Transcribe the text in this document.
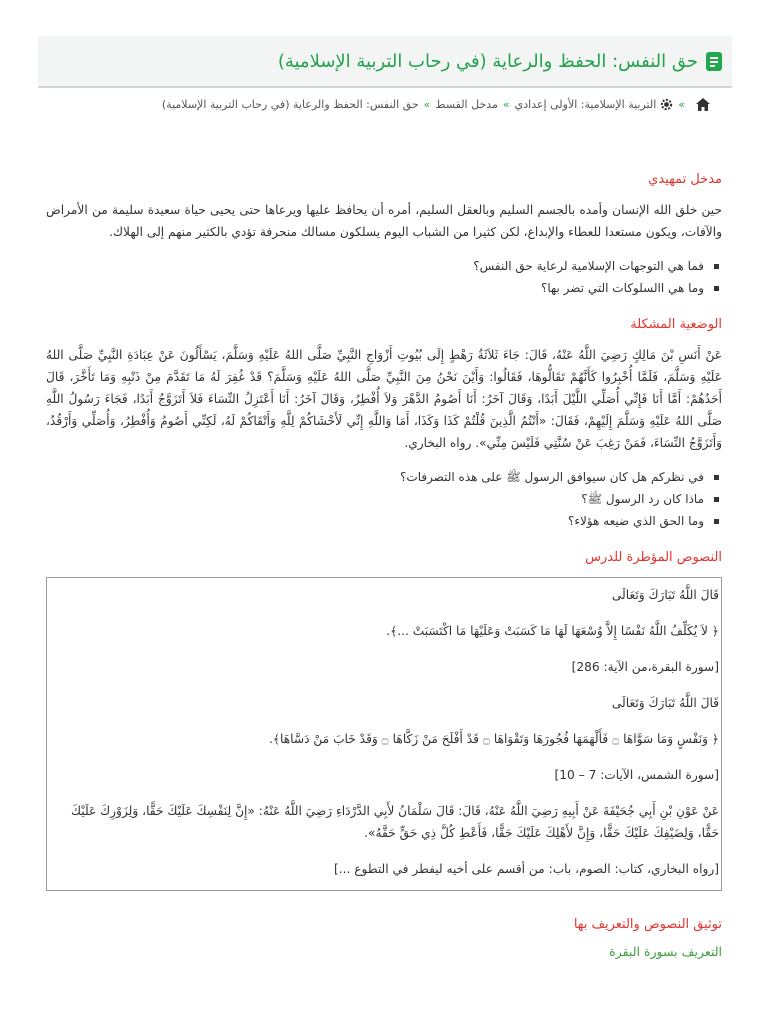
حق النفس: الحفظ والرعاية (في رحاب التربية الإسلامية)
»
التربية الإسلامية: الأولى إعدادي
»
مدخل القسط
»
حق النفس: الحفظ والرعاية (في رحاب التربية الإسلامية)
مدخل تمهيدي

حين خلق الله الإنسان وأمده بالجسم السليم وبالعقل السليم، أمره أن يحافظ عليها ويرعاها حتى يحيى حياة سعيدة سليمة من الأمراض والآفات، ويكون مستعدا للعطاء والإبداع، لكن كثيرا من الشباب اليوم يسلكون مسالك منحرفة تؤدي بالكثير منهم إلى الهلاك.

فما هي التوجهات الإسلامية لرعاية حق النفس؟
وما هي االسلوكات التي تضر بها؟
الوضعية المشكلة

عَنْ أَنَسِ بْنَ مَالِكٍ رَضِيَ اللَّهُ عَنْهُ، قَالَ: جَاءَ ثَلاَثَةُ رَهْطٍ إِلَى بُيُوتِ أَزْوَاجِ النَّبِيِّ صَلَّى اللهُ عَلَيْهِ وَسَلَّمَ، يَسْأَلُونَ عَنْ عِبَادَةِ النَّبِيِّ صَلَّى اللهُ عَلَيْهِ وَسَلَّمَ، فَلَمَّا أُخْبِرُوا كَأَنَّهُمْ تَقَالُّوهَا، فَقَالُوا: وَأَيْنَ نَحْنُ مِنَ النَّبِيِّ صَلَّى اللهُ عَلَيْهِ وَسَلَّمَ؟ قَدْ غُفِرَ لَهُ مَا تَقَدَّمَ مِنْ ذَنْبِهِ وَمَا تَأَخَّرَ، قَالَ أَحَدُهُمْ: أَمَّا أَنَا فَإِنِّي أُصَلِّي اللَّيْلَ أَبَدًا، وَقَالَ آخَرُ: أَنَا أَصُومُ الدَّهْرَ وَلاَ أُفْطِرُ، وَقَالَ آخَرُ: أَنَا أَعْتَزِلُ النِّسَاءَ فَلاَ أَتَزَوَّجُ أَبَدًا، فَجَاءَ رَسُولُ اللَّهِ صَلَّى اللهُ عَلَيْهِ وَسَلَّمَ إِلَيْهِمْ، فَقَالَ: «أَنْتُمُ الَّذِينَ قُلْتُمْ كَذَا وَكَذَا، أَمَا وَاللَّهِ إِنِّي لَأَخْشَاكُمْ لِلَّهِ وَأَتْقَاكُمْ لَهُ، لَكِنِّي أَصُومُ وَأُفْطِرُ، وَأُصَلِّي وَأَرْقُدُ، وَأَتَزَوَّجُ النِّسَاءَ، فَمَنْ رَغِبَ عَنْ سُنَّتِي فَلَيْسَ مِنِّي». رواه البخاري.

في نظركم هل كان سيوافق الرسول ﷺ على هذه التصرفات؟
ماذا كان رد الرسول ﷺ؟
وما الحق الذي ضيعه هؤلاء؟
النصوص المؤطرة للدرس

قَالَ اللَّهُ تَبَارَكَ وَتَعَالَى

﴿ لاَ يُكَلِّفُ اللَّهُ نَفْسًا إِلاَّ وُسْعَهَا لَهَا مَا كَسَبَتْ وَعَلَيْهَا مَا اكْتَسَبَتْ ...﴾.

[سورة البقرة،من الآية: 286]

قَالَ اللَّهُ تَبَارَكَ وَتَعَالَى

﴿ وَنَفْسٍ وَمَا سَوَّاهَا ۝ فَأَلْهَمَهَا فُجُورَهَا وَتَقْوَاهَا ۝ قَدْ أَفْلَحَ مَنْ زَكَّاهَا ۝ وَقَدْ خَابَ مَنْ دَسَّاهَا﴾.

[سورة الشمس، الآيات: 7 – 10]

عَنْ عَوْنِ بْنِ أَبِي جُحَيْفَةَ عَنْ أَبِيهِ رَضِيَ اللَّهُ عَنْهُ، قَالَ: قَالَ سَلْمَانُ لأَبِي الدَّرْدَاءِ رَضِيَ اللَّهُ عَنْهُ: «إِنَّ لِنَفْسِكَ عَلَيْكَ حَقًّا، وَلِزَوْرِكَ عَلَيْكَ حَقًّا، وَلِضَيْفِكَ عَلَيْكَ حَقًّا، وَإِنَّ لأَهْلِكَ عَلَيْكَ حَقًّا، فَأَعْطِ كُلَّ ذِي حَقٍّ حَقَّهُ».

[رواه البخاري، كتاب: الصوم، باب: من أقسم على أخيه ليفطر في التطوع ...]

توثيق النصوص والتعريف بها

التعريف بسورة البقرة
